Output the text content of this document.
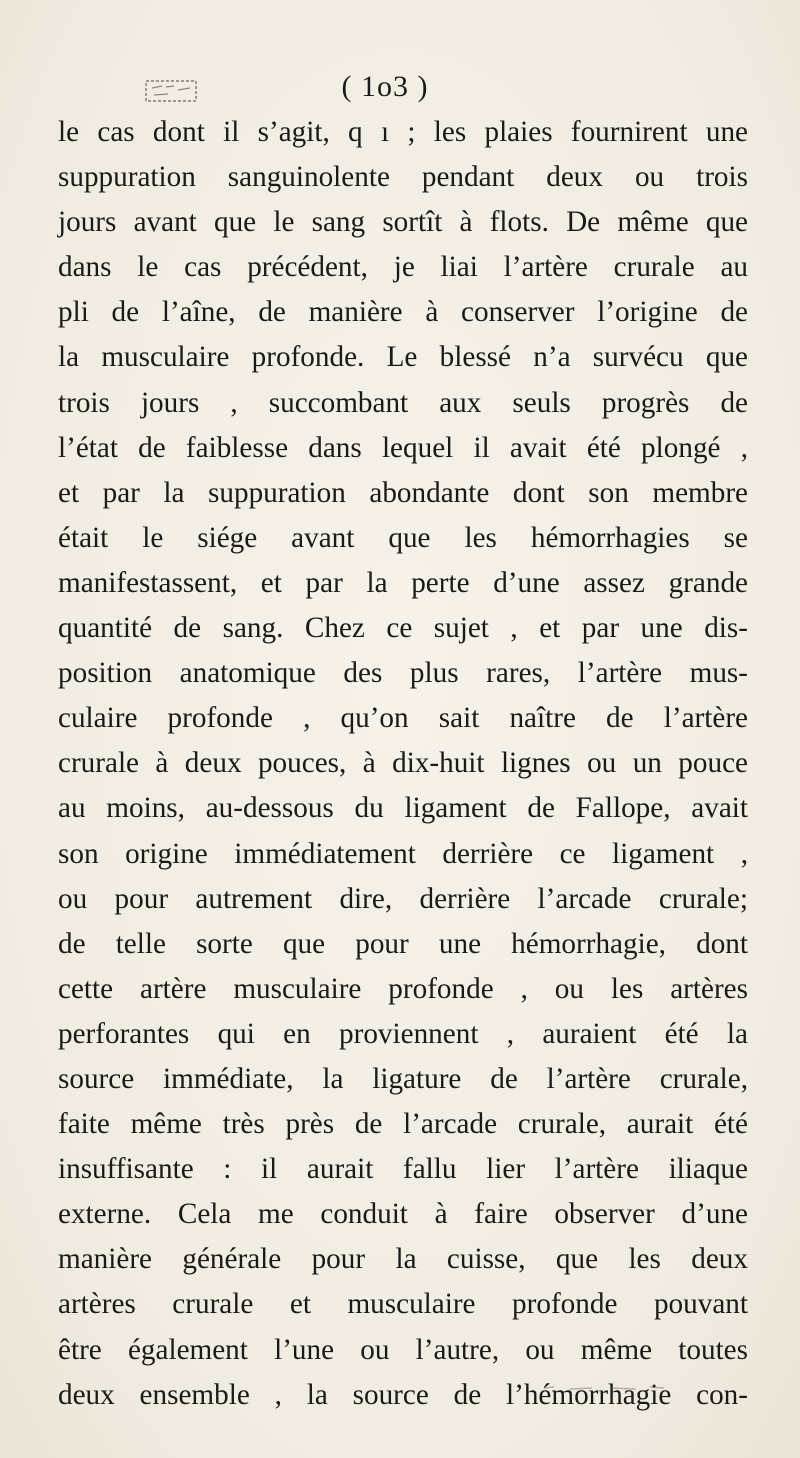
( 1o3 )
le cas dont il s’agit, q ı ; les plaies fournirent une
suppuration sanguinolente pendant deux ou trois
jours avant que le sang sortît à flots. De même que
dans le cas précédent, je liai l’artère crurale au
pli de l’aîne, de manière à conserver l’origine de
la musculaire profonde. Le blessé n’a survécu que
trois jours , succombant aux seuls progrès de
l’état de faiblesse dans lequel il avait été plongé ,
et par la suppuration abondante dont son membre
était le siége avant que les hémorrhagies se
manifestassent, et par la perte d’une assez grande
quantité de sang. Chez ce sujet , et par une dis-
position anatomique des plus rares, l’artère mus-
culaire profonde , qu’on sait naître de l’artère
crurale à deux pouces, à dix-huit lignes ou un pouce
au moins, au-dessous du ligament de Fallope, avait
son origine immédiatement derrière ce ligament ,
ou pour autrement dire, derrière l’arcade crurale;
de telle sorte que pour une hémorrhagie, dont
cette artère musculaire profonde , ou les artères
perforantes qui en proviennent , auraient été la
source immédiate, la ligature de l’artère crurale,
faite même très près de l’arcade crurale, aurait été
insuffisante : il aurait fallu lier l’artère iliaque
externe. Cela me conduit à faire observer d’une
manière générale pour la cuisse, que les deux
artères crurale et musculaire profonde pouvant
être également l’une ou l’autre, ou même toutes
deux ensemble , la source de l’hémorrhagie con-
